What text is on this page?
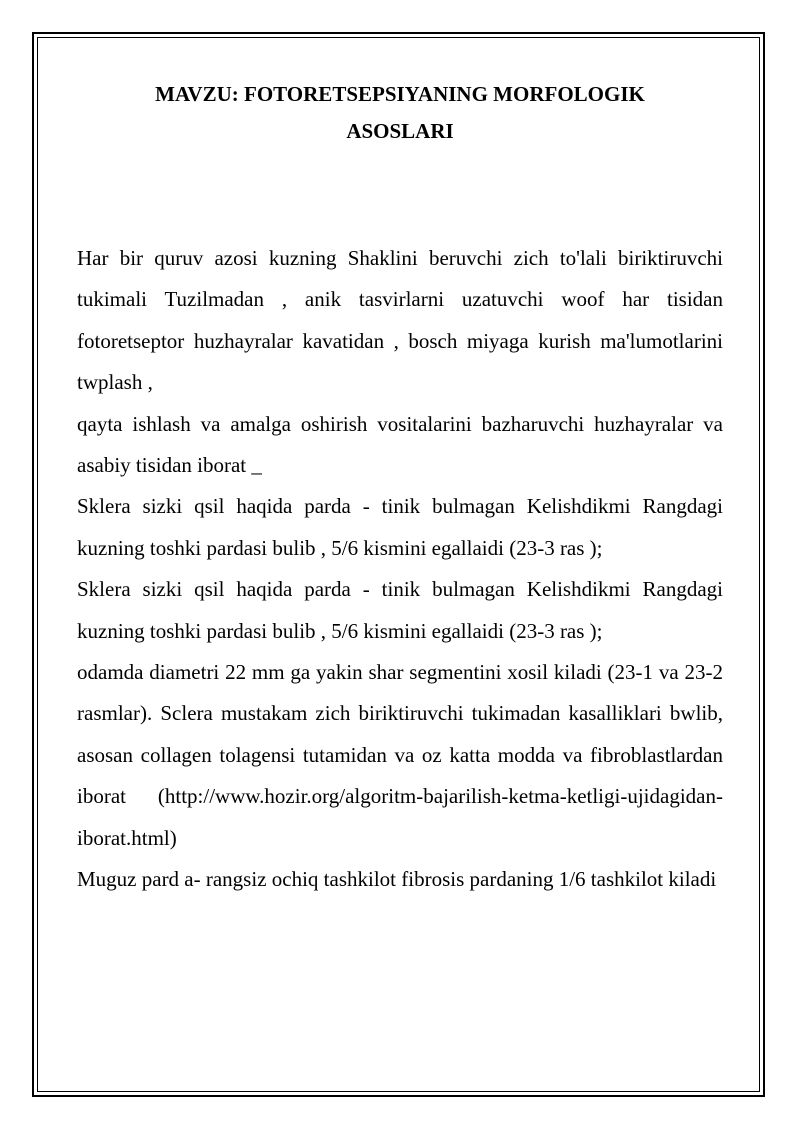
MAVZU: FOTORETSEPSIYANING MORFOLOGIK
ASOSLARI

Har bir quruv azosi kuzning Shaklini beruvchi zich to'lali biriktiruvchi tukimali Tuzilmadan , anik tasvirlarni uzatuvchi woof har tisidan fotoretseptor huzhayralar kavatidan , bosch miyaga kurish ma'lumotlarini twplash ,

qayta ishlash va amalga oshirish vositalarini bazharuvchi huzhayralar va asabiy tisidan iborat _

Sklera sizki qsil haqida parda - tinik bulmagan Kelishdikmi Rangdagi kuzning toshki pardasi bulib , 5/6 kismini egallaidi (23-3 ras );

Sklera sizki qsil haqida parda - tinik bulmagan Kelishdikmi Rangdagi kuzning toshki pardasi bulib , 5/6 kismini egallaidi (23-3 ras );

odamda diametri 22 mm ga yakin shar segmentini xosil kiladi (23-1 va 23-2 rasmlar). Sclera mustakam zich biriktiruvchi tukimadan kasalliklari bwlib, asosan collagen tolagensi tutamidan va oz katta modda va fibroblastlardan iborat (http://www.hozir.org/algoritm-bajarilish-ketma-ketligi-ujidagidan-iborat.html)

Muguz pard a- rangsiz ochiq tashkilot fibrosis pardaning 1/6 tashkilot kiladi
